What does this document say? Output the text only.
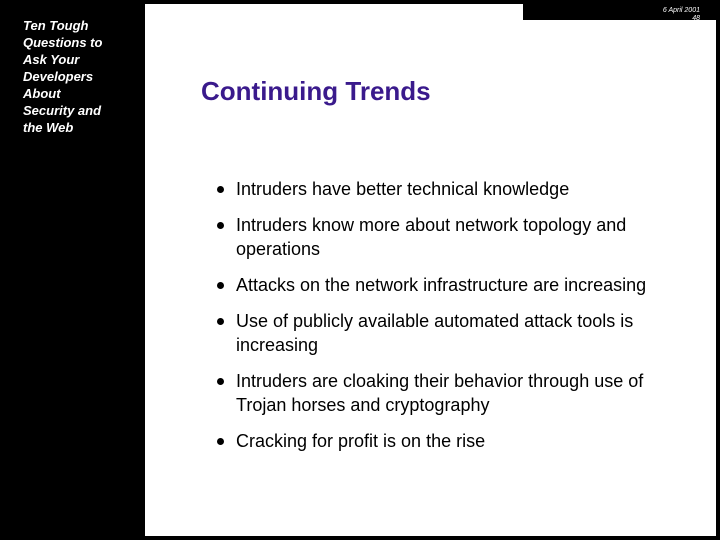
Ten Tough
Questions to
Ask Your
Developers
About
Security and
the Web
6 April 2001
48
Continuing Trends
Intruders have better technical knowledge
Intruders know more about network topology and operations
Attacks on the network infrastructure are increasing
Use of publicly available automated attack tools is increasing
Intruders are cloaking their behavior through use of Trojan horses and cryptography
Cracking for profit is on the rise
